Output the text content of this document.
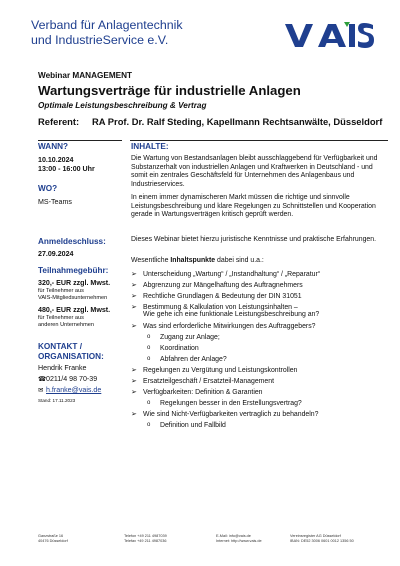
Verband für Anlagentechnik
und IndustrieService e.V.
Webinar MANAGEMENT
Wartungsverträge für industrielle Anlagen
Optimale Leistungsbeschreibung & Vertrag
Referent: RA Prof. Dr. Ralf Steding, Kapellmann Rechtsanwälte, Düsseldorf
WANN?
10.10.2024
13:00 - 16:00 Uhr
WO?
MS-Teams
Anmeldeschluss:
27.09.2024
Teilnahmegebühr:
320,- EUR zzgl. Mwst.
für Teilnehmer aus
VAIS-Mitgliedsunternehmen
480,- EUR zzgl. Mwst.
für Teilnehmer aus
anderen Unternehmen
KONTAKT /
ORGANISATION:
Hendrik Franke
☎0211/4 98 70-39
✉ h.franke@vais.de
Stand: 17.11.2023
INHALTE:
Die Wartung von Bestandsanlagen bleibt ausschlaggebend für Verfügbarkeit und Substanzerhalt von industriellen Anlagen und Kraftwerken in Deutschland - und somit ein zentrales Geschäftsfeld für Unternehmen des Anlagenbaus und Industrieservices.
In einem immer dynamischeren Markt müssen die richtige und sinnvolle Leistungsbeschreibung und klare Regelungen zu Schnittstellen und Kooperation gerade in Wartungsverträgen kritisch geprüft werden.
Dieses Webinar bietet hierzu juristische Kenntnisse und praktische Erfahrungen.
Wesentliche Inhaltspunkte dabei sind u.a.:
➢ Unterscheidung „Wartung“ / „Instandhaltung“ / „Reparatur“
➢ Abgrenzung zur Mängelhaftung des Auftragnehmers
➢ Rechtliche Grundlagen & Bedeutung der DIN 31051
➢ Bestimmung & Kalkulation von Leistungsinhalten –
Wie gehe ich eine funktionale Leistungsbeschreibung an?
➢ Was sind erforderliche Mitwirkungen des Auftraggebers?
o Zugang zur Anlage;
o Koordination
o Abfahren der Anlage?
➢ Regelungen zu Vergütung und Leistungskontrollen
➢ Ersatzteilgeschäft / Ersatzteil-Management
➢ Verfügbarkeiten: Definition & Garantien
o Regelungen besser in den Erstellungsvertrag?
➢ Wie sind Nicht-Verfügbarkeiten vertraglich zu behandeln?
o Definition und Fallbild
Ganzstraße 16
40476 Düsseldorf
Telefon +49 211 4987039
Telefax +49 211 4987036
E-Mail: info@vais.de
Internet: http://www.vais.de
Vereinsregister AG Düsseldorf
IBAN: DE52 3006 0601 0012 1356 50
